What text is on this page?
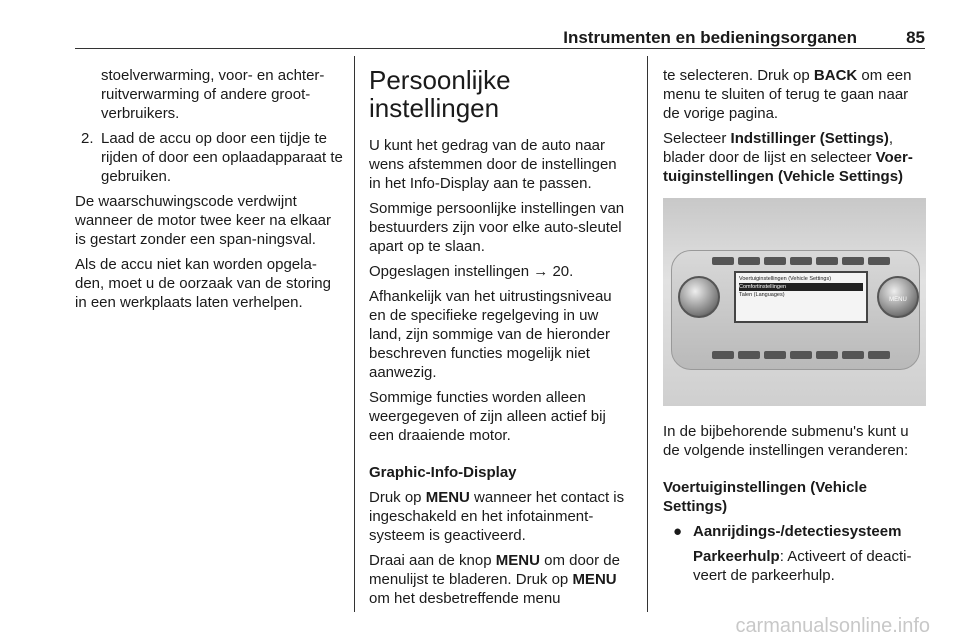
Instrumenten en bedieningsorganen	85

stoelverwarming, voor- en achter-ruitverwarming of andere groot-verbruikers.

2. Laad de accu op door een tijdje te rijden of door een oplaadapparaat te gebruiken.

De waarschuwingscode verdwijnt wanneer de motor twee keer na elkaar is gestart zonder een span-ningsval.

Als de accu niet kan worden opgela-den, moet u de oorzaak van de storing in een werkplaats laten verhelpen.

Persoonlijke instellingen

U kunt het gedrag van de auto naar wens afstemmen door de instellingen in het Info-Display aan te passen.

Sommige persoonlijke instellingen van bestuurders zijn voor elke auto-sleutel apart op te slaan.

Opgeslagen instellingen → 20.

Afhankelijk van het uitrustingsniveau en de specifieke regelgeving in uw land, zijn sommige van de hieronder beschreven functies mogelijk niet aanwezig.

Sommige functies worden alleen weergegeven of zijn alleen actief bij een draaiende motor.

Graphic-Info-Display

Druk op MENU wanneer het contact is ingeschakeld en het infotainment-systeem is geactiveerd.

Draai aan de knop MENU om door de menulijst te bladeren. Druk op MENU om het desbetreffende menu

te selecteren. Druk op BACK om een menu te sluiten of terug te gaan naar de vorige pagina.

Selecteer Indstillinger (Settings), blader door de lijst en selecteer Voer-tuiginstellingen (Vehicle Settings)

Voertuiginstellingen (Vehicle Settings)
Comfortinstellingen
Talen (Languages)
MENU

In de bijbehorende submenu's kunt u de volgende instellingen veranderen:

Voertuiginstellingen (Vehicle Settings)

● Aanrijdings-/detectiesysteem

Parkeerhulp: Activeert of deacti-veert de parkeerhulp.

carmanualsonline.info
